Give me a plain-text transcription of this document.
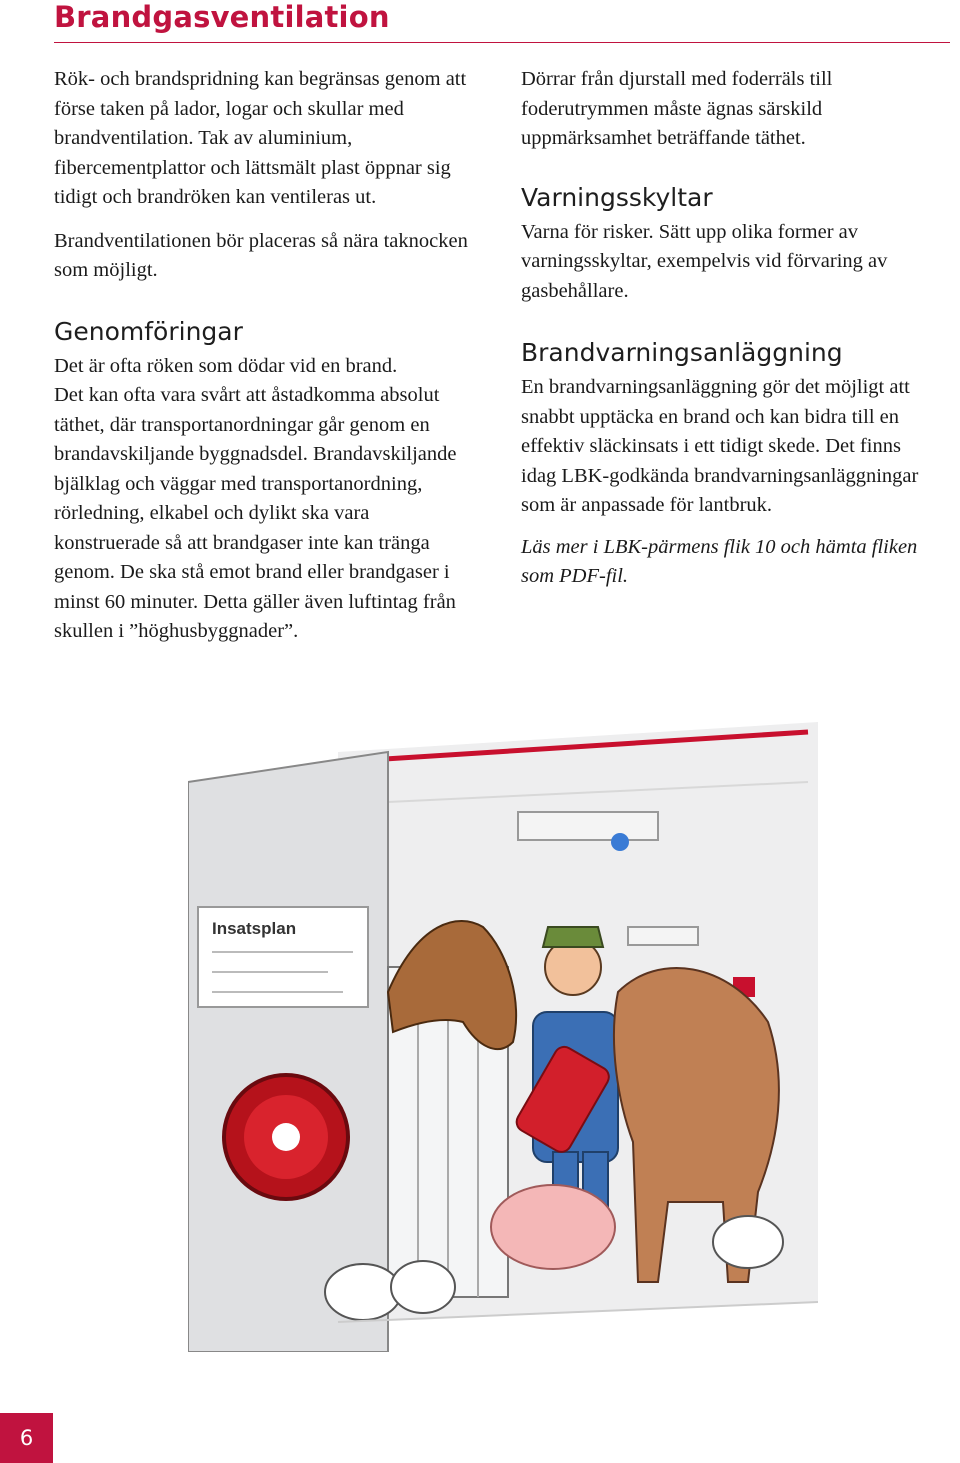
Brandgasventilation

Rök- och brandspridning kan begränsas genom att förse taken på lador, logar och skullar med brandventilation. Tak av aluminium, fibercementplattor och lättsmält plast öppnar sig tidigt och brandröken kan ventileras ut.

Brandventilationen bör placeras så nära taknocken som möjligt.

Genomföringar

Det är ofta röken som dödar vid en brand.

Det kan ofta vara svårt att åstadkomma absolut täthet, där transportanordningar går genom en brandavskiljande byggnadsdel. Brandavskiljande bjälklag och väggar med transportanordning, rörledning, elkabel och dylikt ska vara konstruerade så att brandgaser inte kan tränga genom. De ska stå emot brand eller brandgaser i minst 60 minuter. Detta gäller även luftintag från skullen i ”höghusbyggnader”.

Dörrar från djurstall med foderräls till foderutrymmen måste ägnas särskild uppmärksamhet beträffande täthet.

Varningsskyltar

Varna för risker. Sätt upp olika former av varningsskyltar, exempelvis vid förvaring av gasbehållare.

Brandvarningsanläggning

En brandvarningsanläggning gör det möjligt att snabbt upptäcka en brand och kan bidra till en effektiv släckinsats i ett tidigt skede. Det finns idag LBK-godkända brandvarningsanläggningar som är anpassade för lantbruk.

Läs mer i LBK-pärmens flik 10 och hämta fliken som PDF-fil.

Insatsplan
6
